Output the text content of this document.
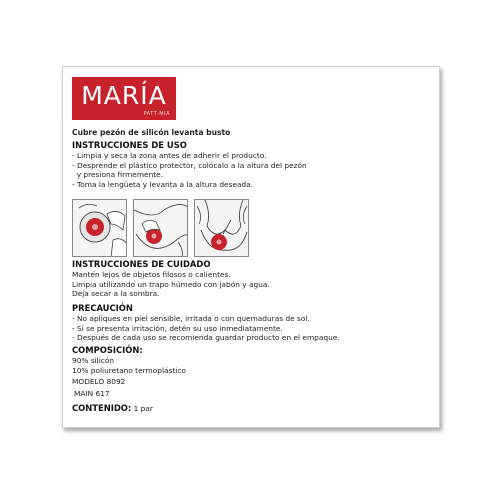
MARÍA
PATT·MIA
Cubre pezón de silicón levanta busto
INSTRUCCIONES DE USO
- Limpia y seca la zona antes de adherir el producto.
- Desprende el plástico protector, colócalo a la altura del pezón
y presiona firmemente.
- Toma la lengüeta y levanta a la altura deseada.
INSTRUCCIONES DE CUIDADO
Mantén lejos de objetos filosos o calientes.
Limpia utilizando un trapo húmedo con jabón y agua.
Deja secar a la sombra.
PRECAUCIÓN
- No apliques en piel sensible, irritada o con quemaduras de sol.
- Si se presenta irritación, detén su uso inmediatamente.
- Después de cada uso se recomienda guardar producto en el empaque.
COMPOSICIÓN:
90% silicón
10% poliuretano termoplástico
MODELO 8092
MAIN 617
CONTENIDO: 1 par
